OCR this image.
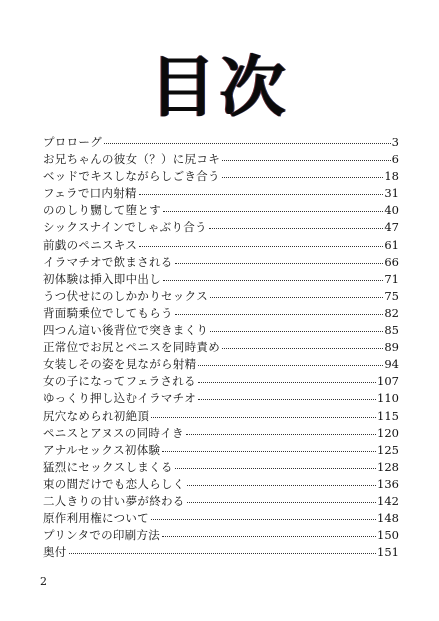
目次
プロローグ	3
お兄ちゃんの彼女（？）に尻コキ	6
ベッドでキスしながらしごき合う	18
フェラで口内射精	31
ののしり嬲して堕とす	40
シックスナインでしゃぶり合う	47
前戯のペニスキス	61
イラマチオで飲まされる	66
初体験は挿入即中出し	71
うつ伏せにのしかかりセックス	75
背面騎乗位でしてもらう	82
四つん這い後背位で突きまくり	85
正常位でお尻とペニスを同時責め	89
女装しその姿を見ながら射精	94
女の子になってフェラされる	107
ゆっくり押し込むイラマチオ	110
尻穴なめられ初絶頂	115
ペニスとアヌスの同時イき	120
アナルセックス初体験	125
猛烈にセックスしまくる	128
束の間だけでも恋人らしく	136
二人きりの甘い夢が終わる	142
原作利用権について	148
プリンタでの印刷方法	150
奥付	151
2
